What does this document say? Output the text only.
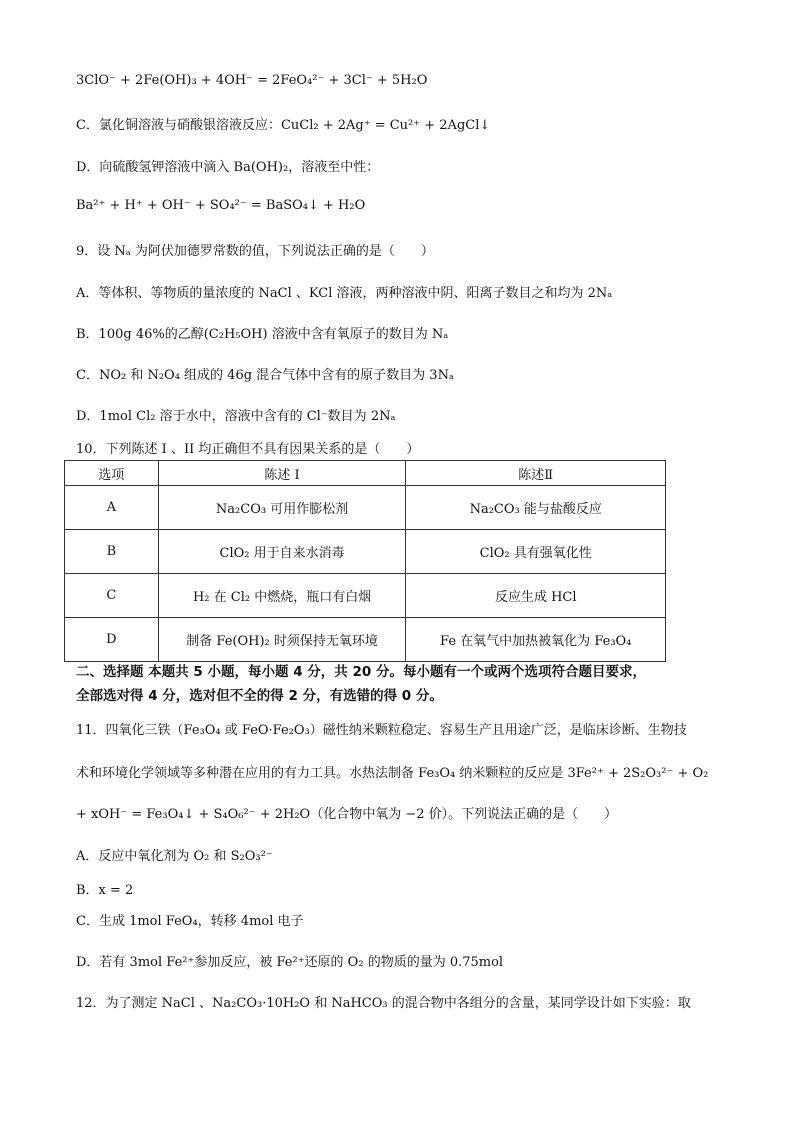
3ClO⁻ + 2Fe(OH)₃ + 4OH⁻ = 2FeO₄²⁻ + 3Cl⁻ + 5H₂O
C．氯化铜溶液与硝酸银溶液反应：CuCl₂ + 2Ag⁺ = Cu²⁺ + 2AgCl↓
D．向硫酸氢钾溶液中滴入 Ba(OH)₂，溶液至中性：
Ba²⁺ + H⁺ + OH⁻ + SO₄²⁻ = BaSO₄↓ + H₂O
9．设 Nₐ 为阿伏加德罗常数的值，下列说法正确的是（　　）
A．等体积、等物质的量浓度的 NaCl 、KCl 溶液，两种溶液中阴、阳离子数目之和均为 2Nₐ
B．100g 46%的乙醇(C₂H₅OH) 溶液中含有氧原子的数目为 Nₐ
C．NO₂ 和 N₂O₄ 组成的 46g 混合气体中含有的原子数目为 3Nₐ
D．1mol Cl₂ 溶于水中，溶液中含有的 Cl⁻数目为 2Nₐ
10．下列陈述 I 、II 均正确但不具有因果关系的是（　　）
选项	陈述 I	陈述Ⅱ
A	Na₂CO₃ 可用作膨松剂	Na₂CO₃ 能与盐酸反应
B	ClO₂ 用于自来水消毒	ClO₂ 具有强氧化性
C	H₂ 在 Cl₂ 中燃烧，瓶口有白烟	反应生成 HCl
D	制备 Fe(OH)₂ 时须保持无氧环境	Fe 在氧气中加热被氧化为 Fe₃O₄
二、选择题 本题共 5 小题，每小题 4 分，共 20 分。每小题有一个或两个选项符合题目要求，
全部选对得 4 分，选对但不全的得 2 分，有选错的得 0 分。
11．四氧化三铁（Fe₃O₄ 或 FeO·Fe₂O₃）磁性纳米颗粒稳定、容易生产且用途广泛，是临床诊断、生物技
术和环境化学领域等多种潜在应用的有力工具。水热法制备 Fe₃O₄ 纳米颗粒的反应是 3Fe²⁺ + 2S₂O₃²⁻ + O₂
+ xOH⁻ = Fe₃O₄↓ + S₄O₆²⁻ + 2H₂O（化合物中氧为 −2 价）。下列说法正确的是（　　）
A．反应中氧化剂为 O₂ 和 S₂O₃²⁻
B．x = 2
C．生成 1mol FeO₄，转移 4mol 电子
D．若有 3mol Fe²⁺参加反应，被 Fe²⁺还原的 O₂ 的物质的量为 0.75mol
12．为了测定 NaCl 、Na₂CO₃·10H₂O 和 NaHCO₃ 的混合物中各组分的含量，某同学设计如下实验：取
